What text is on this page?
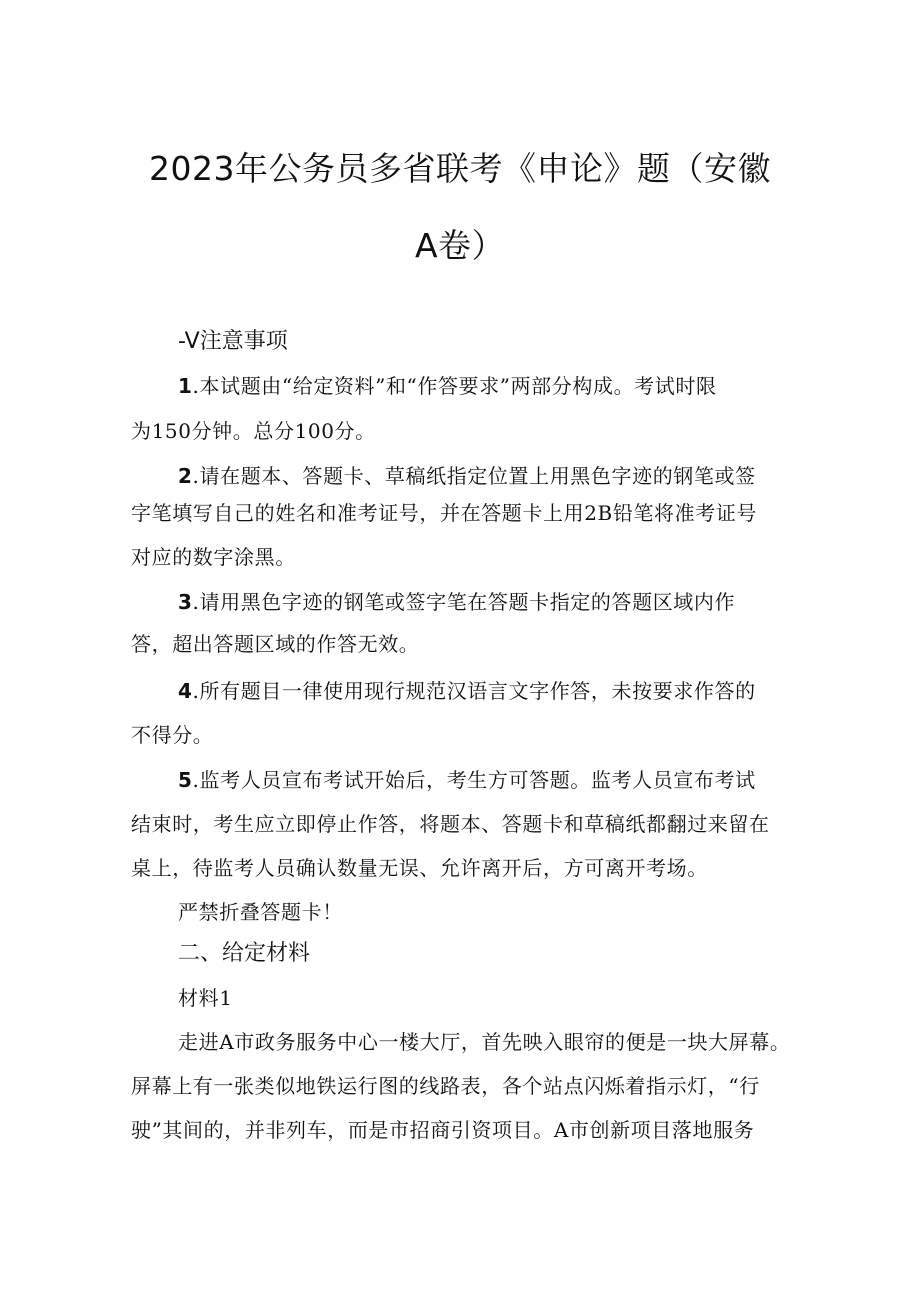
2023年公务员多省联考《申论》题（安徽
A卷）
-V注意事项
1.本试题由“给定资料”和“作答要求”两部分构成。考试时限
为150分钟。总分100分。
2.请在题本、答题卡、草稿纸指定位置上用黑色字迹的钢笔或签
字笔填写自己的姓名和准考证号，并在答题卡上用2B铅笔将准考证号
对应的数字涂黑。
3.请用黑色字迹的钢笔或签字笔在答题卡指定的答题区域内作
答，超出答题区域的作答无效。
4.所有题目一律使用现行规范汉语言文字作答，未按要求作答的
不得分。
5.监考人员宣布考试开始后，考生方可答题。监考人员宣布考试
结束时，考生应立即停止作答，将题本、答题卡和草稿纸都翻过来留在
桌上，待监考人员确认数量无误、允许离开后，方可离开考场。
严禁折叠答题卡！
二、给定材料
材料1
走进A市政务服务中心一楼大厅，首先映入眼帘的便是一块大屏幕。
屏幕上有一张类似地铁运行图的线路表，各个站点闪烁着指示灯，“行
驶”其间的，并非列车，而是市招商引资项目。A市创新项目落地服务
